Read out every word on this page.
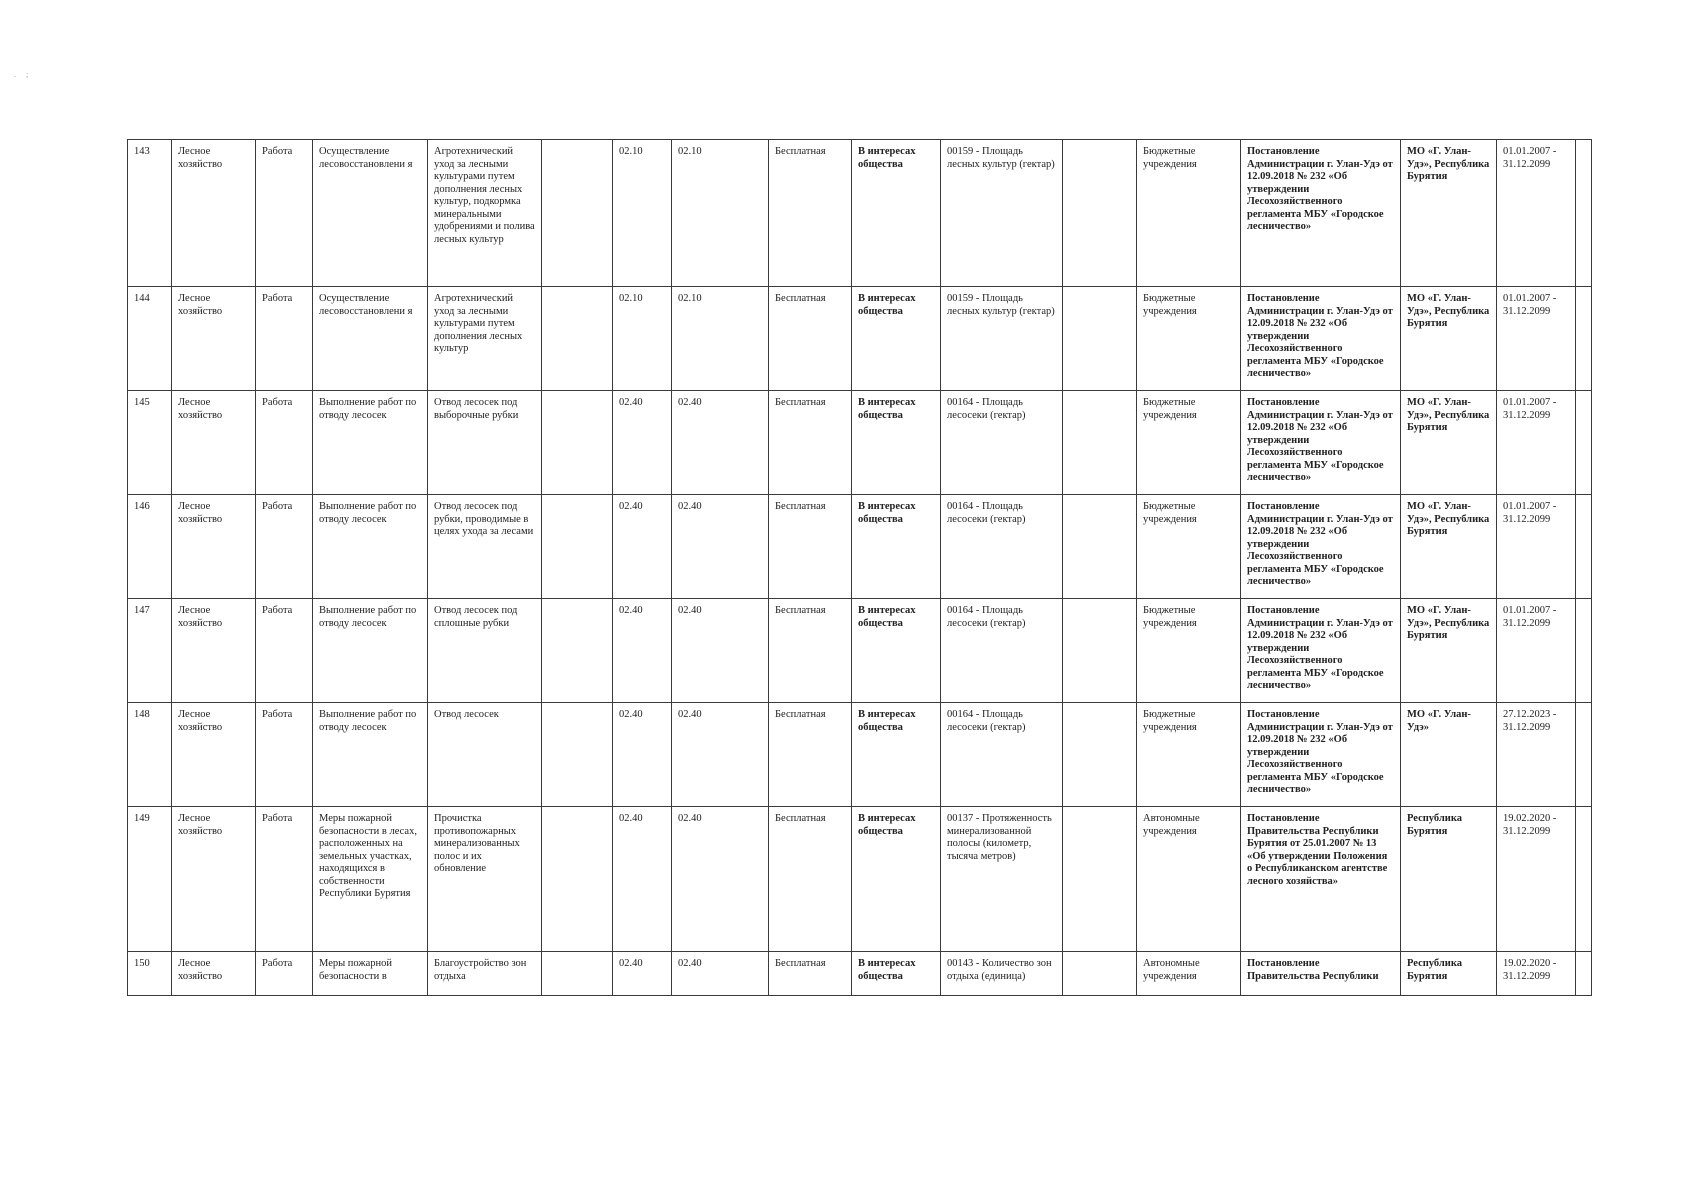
. ;
143	Лесное хозяйство	Работа	Осуществление лесовосстановлени я	Агротехнический уход за лесными культурами путем дополнения лесных культур, подкормка минеральными удобрениями и полива лесных культур		02.10	02.10	Бесплатная	В интересах общества	00159 - Площадь лесных культур (гектар)		Бюджетные учреждения	Постановление Администрации г. Улан-Удэ от 12.09.2018 № 232 «Об утверждении Лесохозяйственного регламента МБУ «Городское лесничество»	МО «Г. Улан-Удэ», Республика Бурятия	01.01.2007 - 31.12.2099	
144	Лесное хозяйство	Работа	Осуществление лесовосстановлени я	Агротехнический уход за лесными культурами путем дополнения лесных культур		02.10	02.10	Бесплатная	В интересах общества	00159 - Площадь лесных культур (гектар)		Бюджетные учреждения	Постановление Администрации г. Улан-Удэ от 12.09.2018 № 232 «Об утверждении Лесохозяйственного регламента МБУ «Городское лесничество»	МО «Г. Улан-Удэ», Республика Бурятия	01.01.2007 - 31.12.2099	
145	Лесное хозяйство	Работа	Выполнение работ по отводу лесосек	Отвод лесосек под выборочные рубки		02.40	02.40	Бесплатная	В интересах общества	00164 - Площадь лесосеки (гектар)		Бюджетные учреждения	Постановление Администрации г. Улан-Удэ от 12.09.2018 № 232 «Об утверждении Лесохозяйственного регламента МБУ «Городское лесничество»	МО «Г. Улан-Удэ», Республика Бурятия	01.01.2007 - 31.12.2099	
146	Лесное хозяйство	Работа	Выполнение работ по отводу лесосек	Отвод лесосек под рубки, проводимые в целях ухода за лесами		02.40	02.40	Бесплатная	В интересах общества	00164 - Площадь лесосеки (гектар)		Бюджетные учреждения	Постановление Администрации г. Улан-Удэ от 12.09.2018 № 232 «Об утверждении Лесохозяйственного регламента МБУ «Городское лесничество»	МО «Г. Улан-Удэ», Республика Бурятия	01.01.2007 - 31.12.2099	
147	Лесное хозяйство	Работа	Выполнение работ по отводу лесосек	Отвод лесосек под сплошные рубки		02.40	02.40	Бесплатная	В интересах общества	00164 - Площадь лесосеки (гектар)		Бюджетные учреждения	Постановление Администрации г. Улан-Удэ от 12.09.2018 № 232 «Об утверждении Лесохозяйственного регламента МБУ «Городское лесничество»	МО «Г. Улан-Удэ», Республика Бурятия	01.01.2007 - 31.12.2099	
148	Лесное хозяйство	Работа	Выполнение работ по отводу лесосек	Отвод лесосек		02.40	02.40	Бесплатная	В интересах общества	00164 - Площадь лесосеки (гектар)		Бюджетные учреждения	Постановление Администрации г. Улан-Удэ от 12.09.2018 № 232 «Об утверждении Лесохозяйственного регламента МБУ «Городское лесничество»	МО «Г. Улан-Удэ»	27.12.2023 - 31.12.2099	
149	Лесное хозяйство	Работа	Меры пожарной безопасности в лесах, расположенных на земельных участках, находящихся в собственности Республики Бурятия	Прочистка противопожарных минерализованных полос и их обновление		02.40	02.40	Бесплатная	В интересах общества	00137 - Протяженность минерализованной полосы (километр, тысяча метров)		Автономные учреждения	Постановление Правительства Республики Бурятия от 25.01.2007 № 13 «Об утверждении Положения о Республиканском агентстве лесного хозяйства»	Республика Бурятия	19.02.2020 - 31.12.2099	
150	Лесное хозяйство	Работа	Меры пожарной безопасности в	Благоустройство зон отдыха		02.40	02.40	Бесплатная	В интересах общества	00143 - Количество зон отдыха (единица)		Автономные учреждения	Постановление Правительства Республики	Республика Бурятия	19.02.2020 - 31.12.2099	
